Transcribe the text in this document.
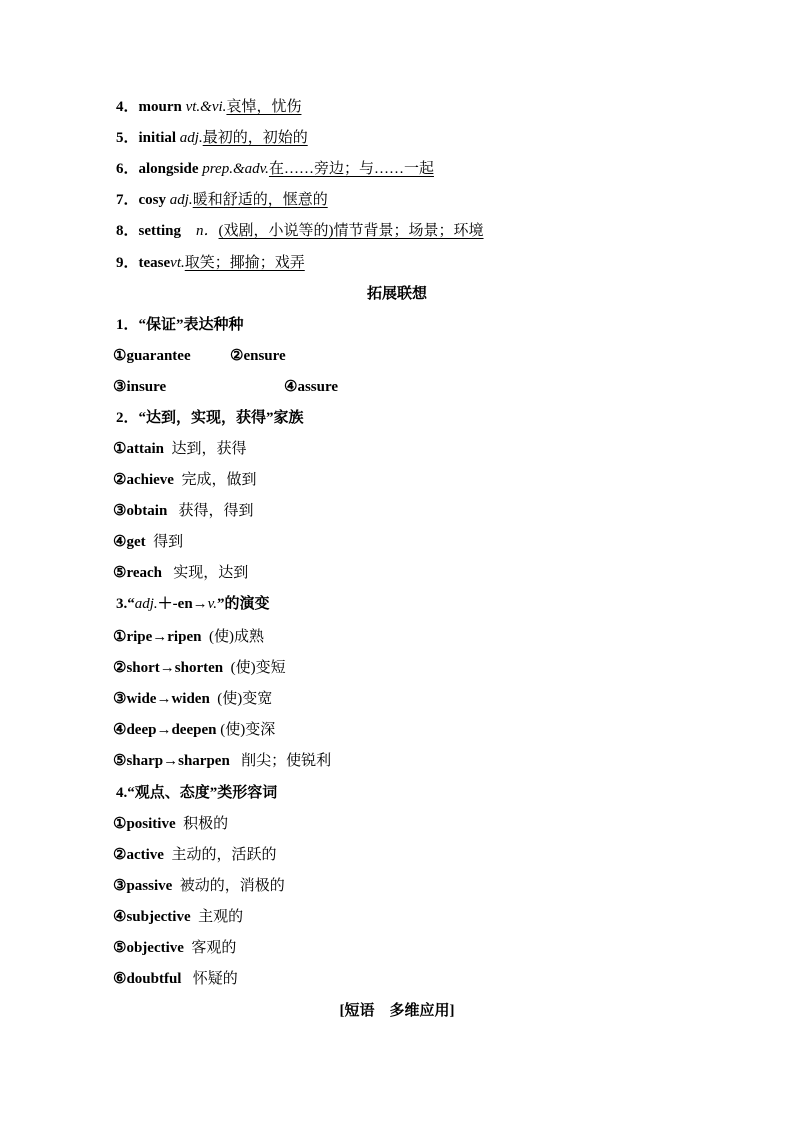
4．mourn vt.&vi.哀悼，忧伤
5．initial adj.最初的，初始的
6．alongside prep.&adv.在……旁边；与……一起
7．cosy adj.暖和舒适的，惬意的
8．setting　n．(戏剧，小说等的)情节背景；场景；环境
9．teasevt.取笑；揶揄；戏弄
拓展联想
1．“保证”表达种种
①guarantee	②ensure
③insure	④assure
2．“达到，实现，获得”家族
①attain 达到，获得
②achieve 完成，做到
③obtain 获得，得到
④get 得到
⑤reach 实现，达到
3.“adj.＋-en→v.”的演变
①ripe→ripen (使)成熟
②short→shorten (使)变短
③wide→widen (使)变宽
④deep→deepen (使)变深
⑤sharp→sharpen 削尖；使锐利
4.“观点、态度”类形容词
①positive 积极的
②active 主动的，活跃的
③passive 被动的，消极的
④subjective 主观的
⑤objective 客观的
⑥doubtful 怀疑的
[短语　多维应用]
